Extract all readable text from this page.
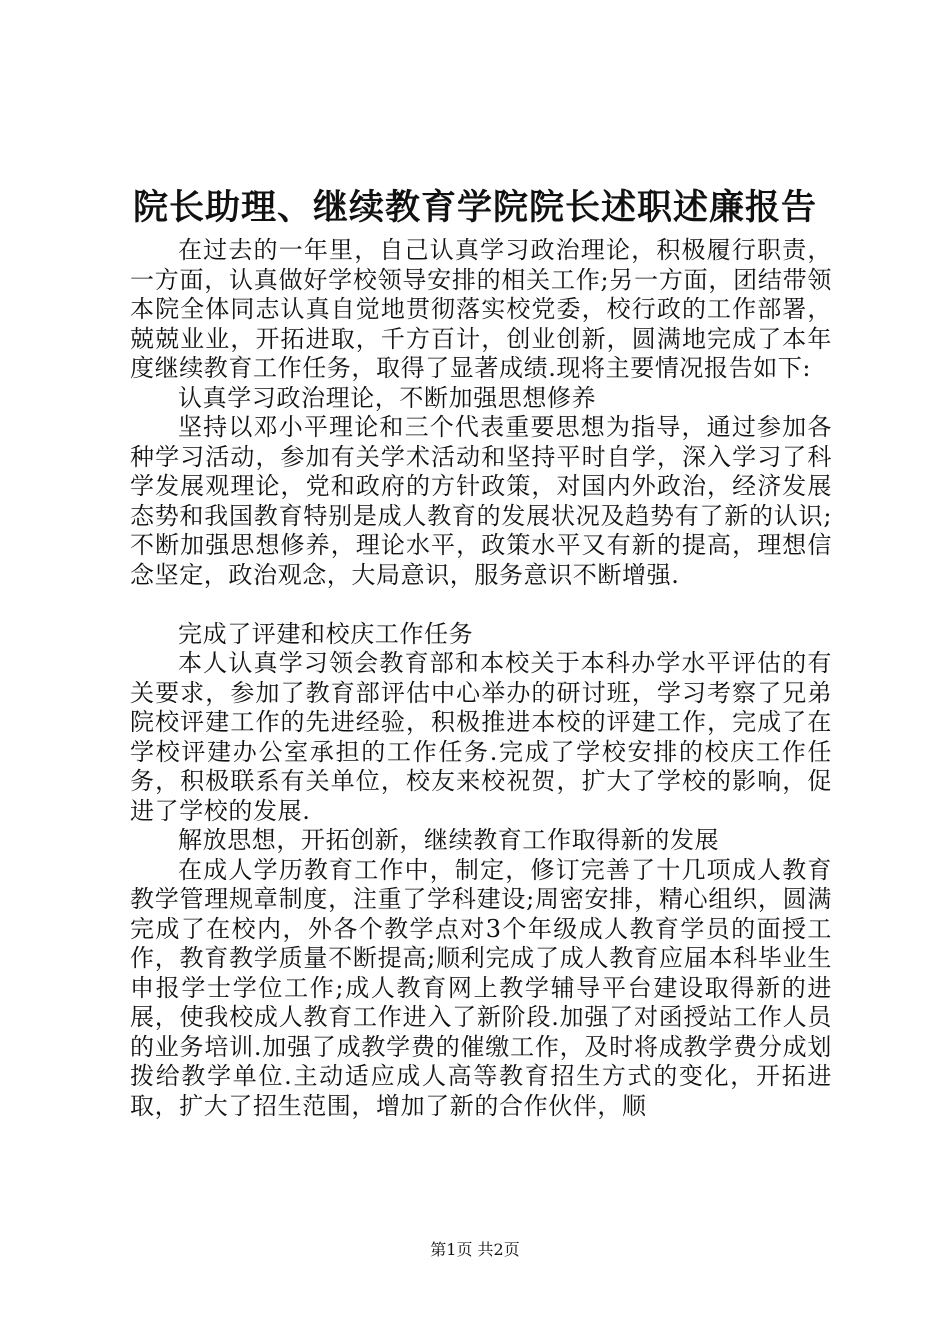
院长助理、继续教育学院院长述职述廉报告

在过去的一年里，自己认真学习政治理论，积极履行职责，一方面，认真做好学校领导安排的相关工作;另一方面，团结带领本院全体同志认真自觉地贯彻落实校党委，校行政的工作部署，兢兢业业，开拓进取，千方百计，创业创新，圆满地完成了本年度继续教育工作任务，取得了显著成绩.现将主要情况报告如下:

认真学习政治理论，不断加强思想修养

坚持以邓小平理论和三个代表重要思想为指导，通过参加各种学习活动，参加有关学术活动和坚持平时自学，深入学习了科学发展观理论，党和政府的方针政策，对国内外政治，经济发展态势和我国教育特别是成人教育的发展状况及趋势有了新的认识;不断加强思想修养，理论水平，政策水平又有新的提高，理想信念坚定，政治观念，大局意识，服务意识不断增强.

完成了评建和校庆工作任务

本人认真学习领会教育部和本校关于本科办学水平评估的有关要求，参加了教育部评估中心举办的研讨班，学习考察了兄弟院校评建工作的先进经验，积极推进本校的评建工作，完成了在学校评建办公室承担的工作任务.完成了学校安排的校庆工作任务，积极联系有关单位，校友来校祝贺，扩大了学校的影响，促进了学校的发展.

解放思想，开拓创新，继续教育工作取得新的发展

在成人学历教育工作中，制定，修订完善了十几项成人教育教学管理规章制度，注重了学科建设;周密安排，精心组织，圆满完成了在校内，外各个教学点对3个年级成人教育学员的面授工作，教育教学质量不断提高;顺利完成了成人教育应届本科毕业生申报学士学位工作;成人教育网上教学辅导平台建设取得新的进展，使我校成人教育工作进入了新阶段.加强了对函授站工作人员的业务培训.加强了成教学费的催缴工作，及时将成教学费分成划拨给教学单位.主动适应成人高等教育招生方式的变化，开拓进取，扩大了招生范围，增加了新的合作伙伴，顺

第1页 共2页
